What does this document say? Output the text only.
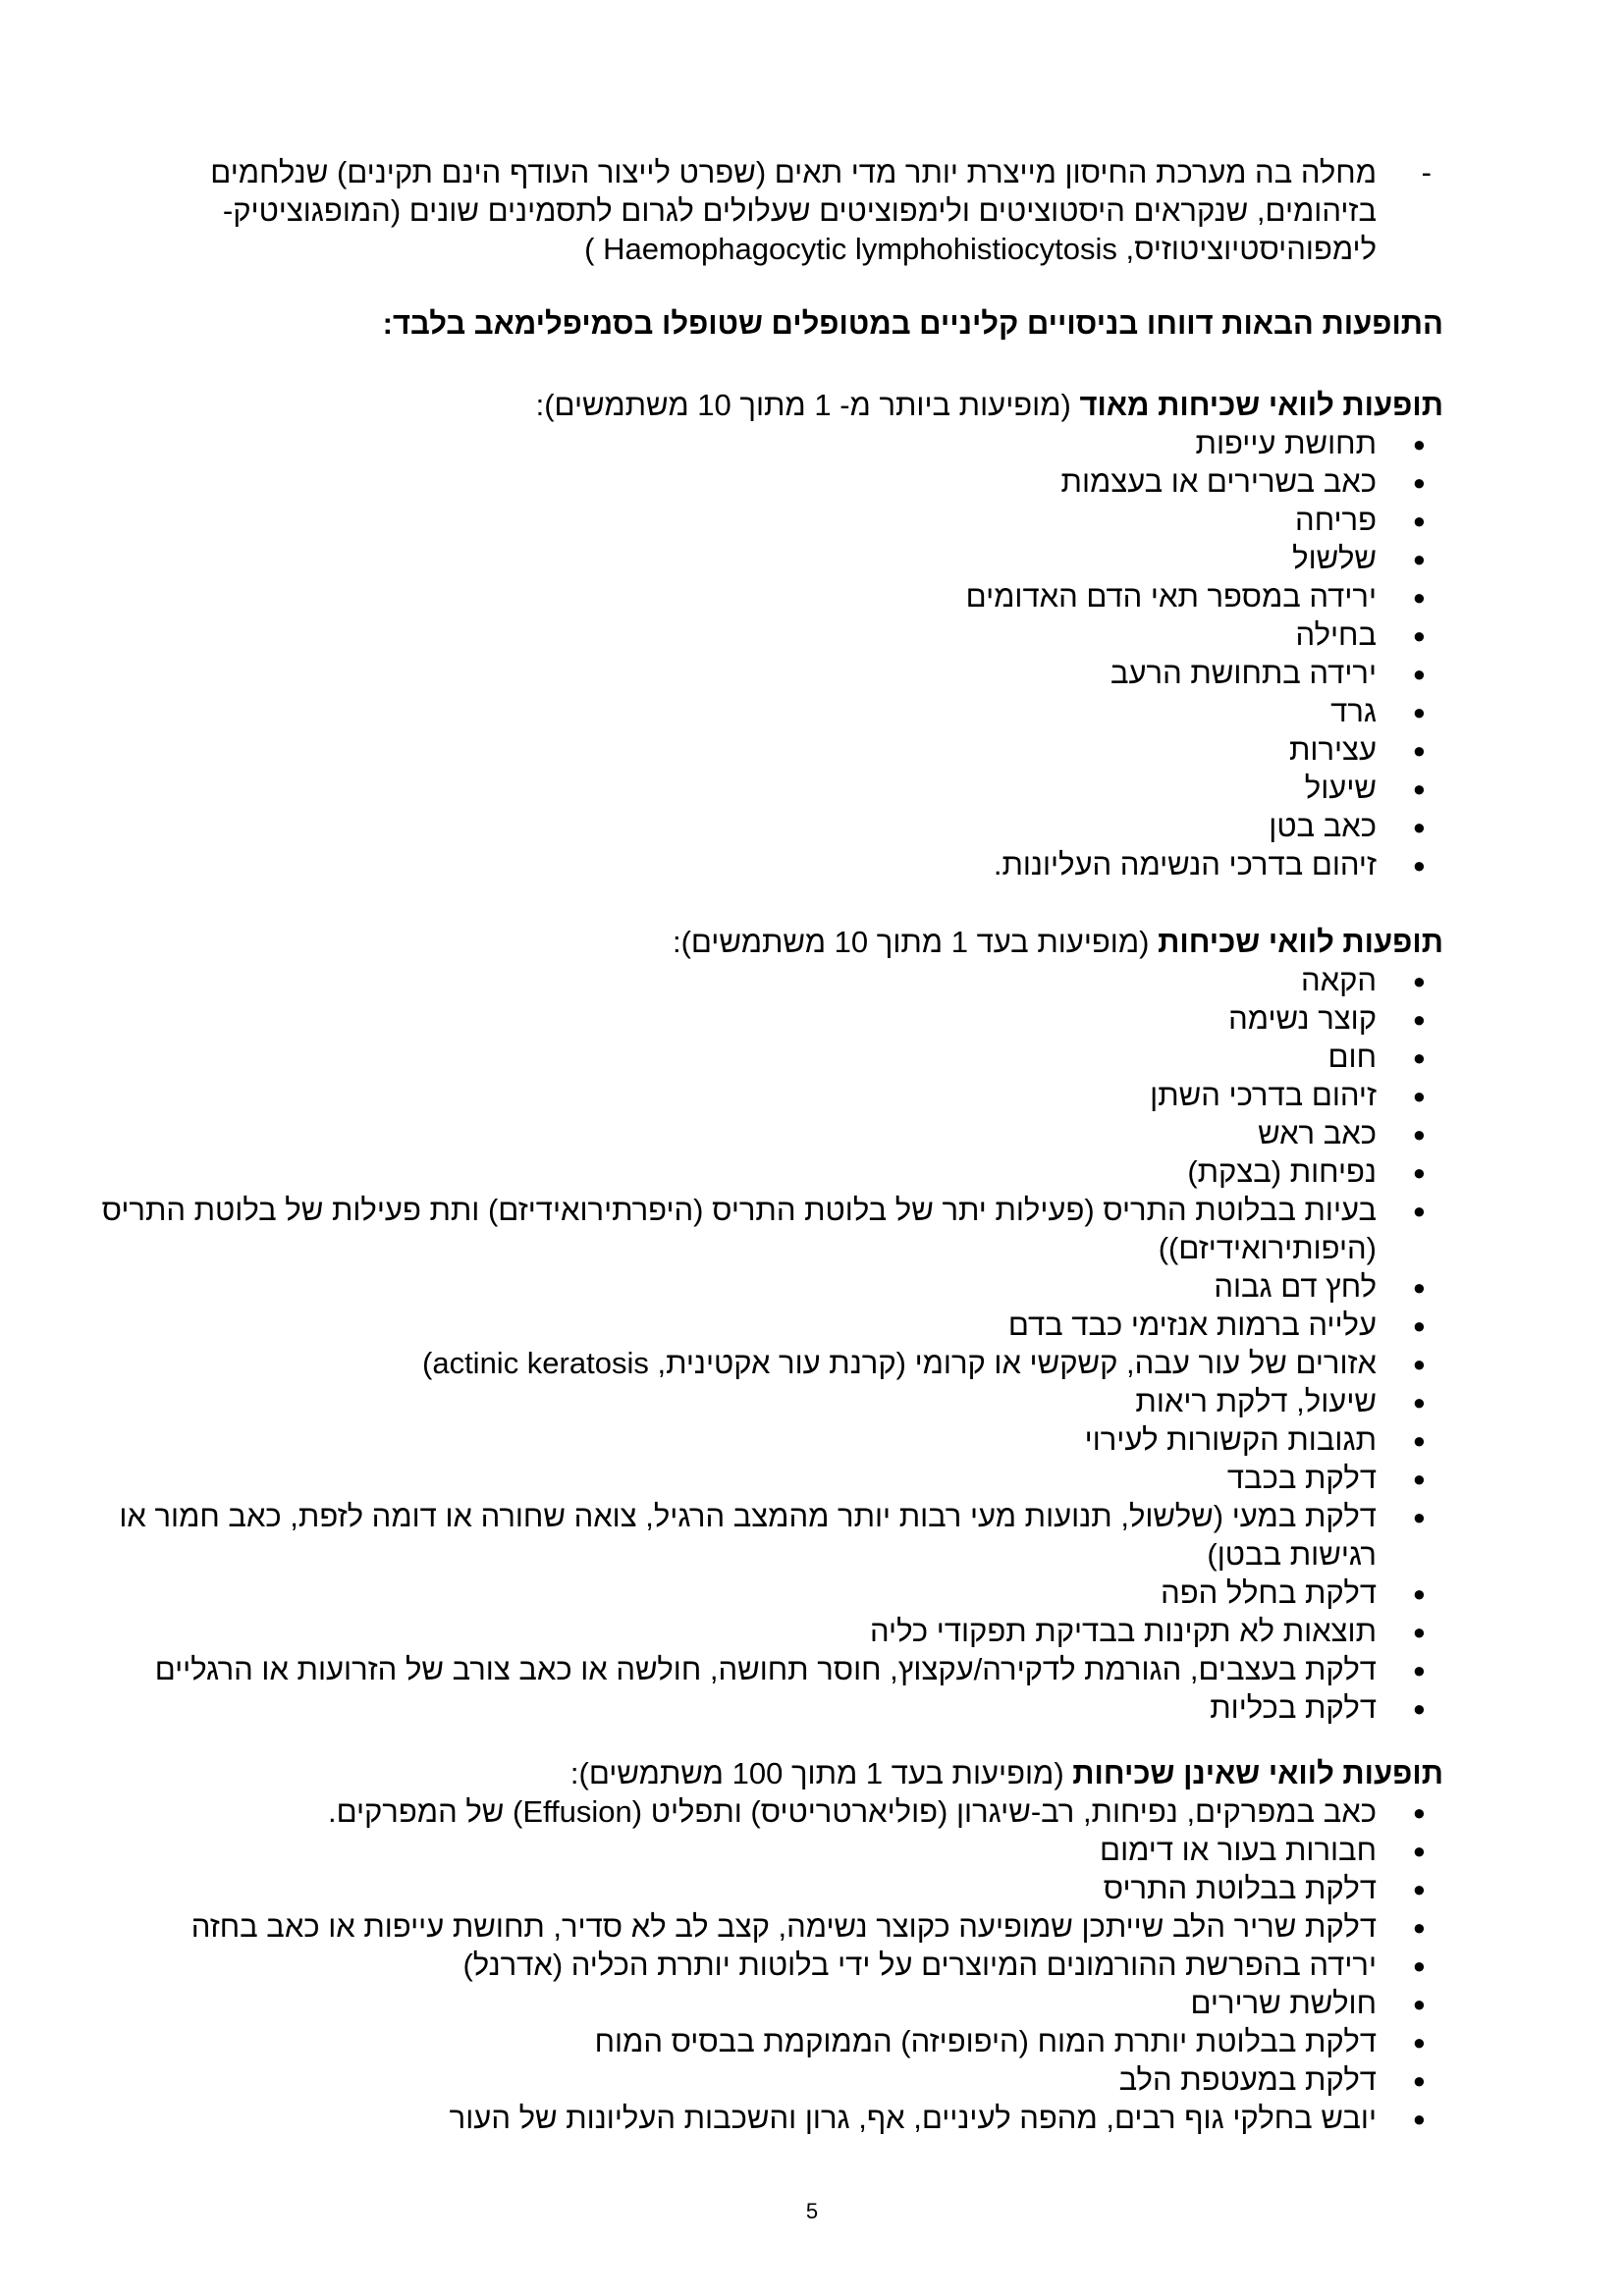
-

מחלה בה מערכת החיסון מייצרת יותר מדי תאים (שפרט לייצור העודף הינם תקינים) שנלחמים

בזיהומים, שנקראים היסטוציטים ולימפוציטים שעלולים לגרום לתסמינים שונים (המופגוציטיק-

לימפוהיסטיוציטוזיס, Haemophagocytic lymphohistiocytosis )

התופעות הבאות דווחו בניסויים קליניים במטופלים שטופלו בסמיפלימאב בלבד:

תופעות לוואי שכיחות מאוד (מופיעות ביותר מ- 1 מתוך 10 משתמשים):
●
תחושת עייפות
●
כאב בשרירים או בעצמות
●
פריחה
●
שלשול
●
ירידה במספר תאי הדם האדומים
●
בחילה
●
ירידה בתחושת הרעב
●
גרד
●
עצירות
●
שיעול
●
כאב בטן
●
זיהום בדרכי הנשימה העליונות.
תופעות לוואי שכיחות (מופיעות בעד 1 מתוך 10 משתמשים):
●
הקאה
●
קוצר נשימה
●
חום
●
זיהום בדרכי השתן
●
כאב ראש
●
נפיחות (בצקת)
●
בעיות בבלוטת התריס (פעילות יתר של בלוטת התריס (היפרתירואידיזם) ותת פעילות של בלוטת התריס (היפותירואידיזם))
●
לחץ דם גבוה
●
עלייה ברמות אנזימי כבד בדם
●
אזורים של עור עבה, קשקשי או קרומי (קרנת עור אקטינית, actinic keratosis)
●
שיעול, דלקת ריאות
●
תגובות הקשורות לעירוי
●
דלקת בכבד
●
דלקת במעי (שלשול, תנועות מעי רבות יותר מהמצב הרגיל, צואה שחורה או דומה לזפת, כאב חמור או רגישות בבטן)
●
דלקת בחלל הפה
●
תוצאות לא תקינות בבדיקת תפקודי כליה
●
דלקת בעצבים, הגורמת לדקירה/עקצוץ, חוסר תחושה, חולשה או כאב צורב של הזרועות או הרגליים
●
דלקת בכליות
תופעות לוואי שאינן שכיחות (מופיעות בעד 1 מתוך 100 משתמשים):
●
כאב במפרקים, נפיחות, רב-שיגרון (פוליארטריטיס) ותפליט (Effusion) של המפרקים.
●
חבורות בעור או דימום
●
דלקת בבלוטת התריס
●
דלקת שריר הלב שייתכן שמופיעה כקוצר נשימה, קצב לב לא סדיר, תחושת עייפות או כאב בחזה
●
ירידה בהפרשת ההורמונים המיוצרים על ידי בלוטות יותרת הכליה (אדרנל)
●
חולשת שרירים
●
דלקת בבלוטת יותרת המוח (היפופיזה) הממוקמת בבסיס המוח
●
דלקת במעטפת הלב
●
יובש בחלקי גוף רבים, מהפה לעיניים, אף, גרון והשכבות העליונות של העור
5
